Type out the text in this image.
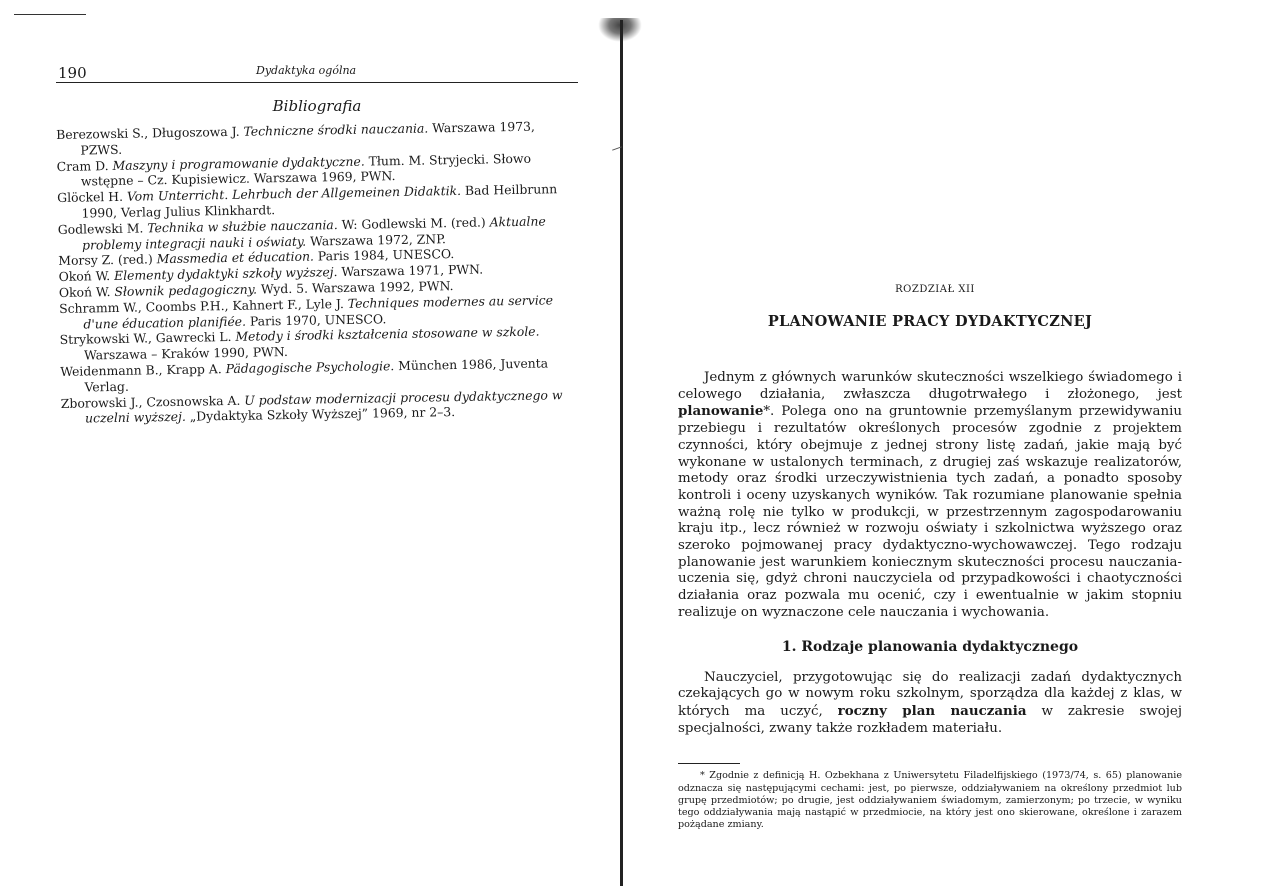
190	Dydaktyka ogólna
Bibliografia
Berezowski S., Długoszowa J. Techniczne środki nauczania. Warszawa 1973, PZWS.
Cram D. Maszyny i programowanie dydaktyczne. Tłum. M. Stryjecki. Słowo wstępne – Cz. Kupisiewicz. Warszawa 1969, PWN.
Glöckel H. Vom Unterricht. Lehrbuch der Allgemeinen Didaktik. Bad Heilbrunn 1990, Verlag Julius Klinkhardt.
Godlewski M. Technika w służbie nauczania. W: Godlewski M. (red.) Aktualne problemy integracji nauki i oświaty. Warszawa 1972, ZNP.
Morsy Z. (red.) Massmedia et éducation. Paris 1984, UNESCO.
Okoń W. Elementy dydaktyki szkoły wyższej. Warszawa 1971, PWN.
Okoń W. Słownik pedagogiczny. Wyd. 5. Warszawa 1992, PWN.
Schramm W., Coombs P.H., Kahnert F., Lyle J. Techniques modernes au service d'une éducation planifiée. Paris 1970, UNESCO.
Strykowski W., Gawrecki L. Metody i środki kształcenia stosowane w szkole. Warszawa – Kraków 1990, PWN.
Weidenmann B., Krapp A. Pädagogische Psychologie. München 1986, Juventa Verlag.
Zborowski J., Czosnowska A. U podstaw modernizacji procesu dydaktycznego w uczelni wyższej. „Dydaktyka Szkoły Wyższej” 1969, nr 2–3.
ROZDZIAŁ XII
PLANOWANIE PRACY DYDAKTYCZNEJ

Jednym z głównych warunków skuteczności wszelkiego świadomego i celowego działania, zwłaszcza długotrwałego i złożonego, jest planowanie*. Polega ono na gruntownie przemyślanym przewidywaniu przebiegu i rezultatów określonych procesów zgodnie z projektem czynności, który obejmuje z jednej strony listę zadań, jakie mają być wykonane w ustalonych terminach, z drugiej zaś wskazuje realizatorów, metody oraz środki urzeczywistnienia tych zadań, a ponadto sposoby kontroli i oceny uzyskanych wyników. Tak rozumiane planowanie spełnia ważną rolę nie tylko w produkcji, w przestrzennym zagospodarowaniu kraju itp., lecz również w rozwoju oświaty i szkolnictwa wyższego oraz szeroko pojmowanej pracy dydaktyczno-wychowawczej. Tego rodzaju planowanie jest warunkiem koniecznym skuteczności procesu nauczania-uczenia się, gdyż chroni nauczyciela od przypadkowości i chaotyczności działania oraz pozwala mu ocenić, czy i ewentualnie w jakim stopniu realizuje on wyznaczone cele nauczania i wychowania.

1. Rodzaje planowania dydaktycznego

Nauczyciel, przygotowując się do realizacji zadań dydaktycznych czekających go w nowym roku szkolnym, sporządza dla każdej z klas, w których ma uczyć, roczny plan nauczania w zakresie swojej specjalności, zwany także rozkładem materiału.

* Zgodnie z definicją H. Ozbekhana z Uniwersytetu Filadelfijskiego (1973/74, s. 65) planowanie odznacza się następującymi cechami: jest, po pierwsze, oddziaływaniem na określony przedmiot lub grupę przedmiotów; po drugie, jest oddziaływaniem świadomym, zamierzonym; po trzecie, w wyniku tego oddziaływania mają nastąpić w przedmiocie, na który jest ono skierowane, określone i zarazem pożądane zmiany.
